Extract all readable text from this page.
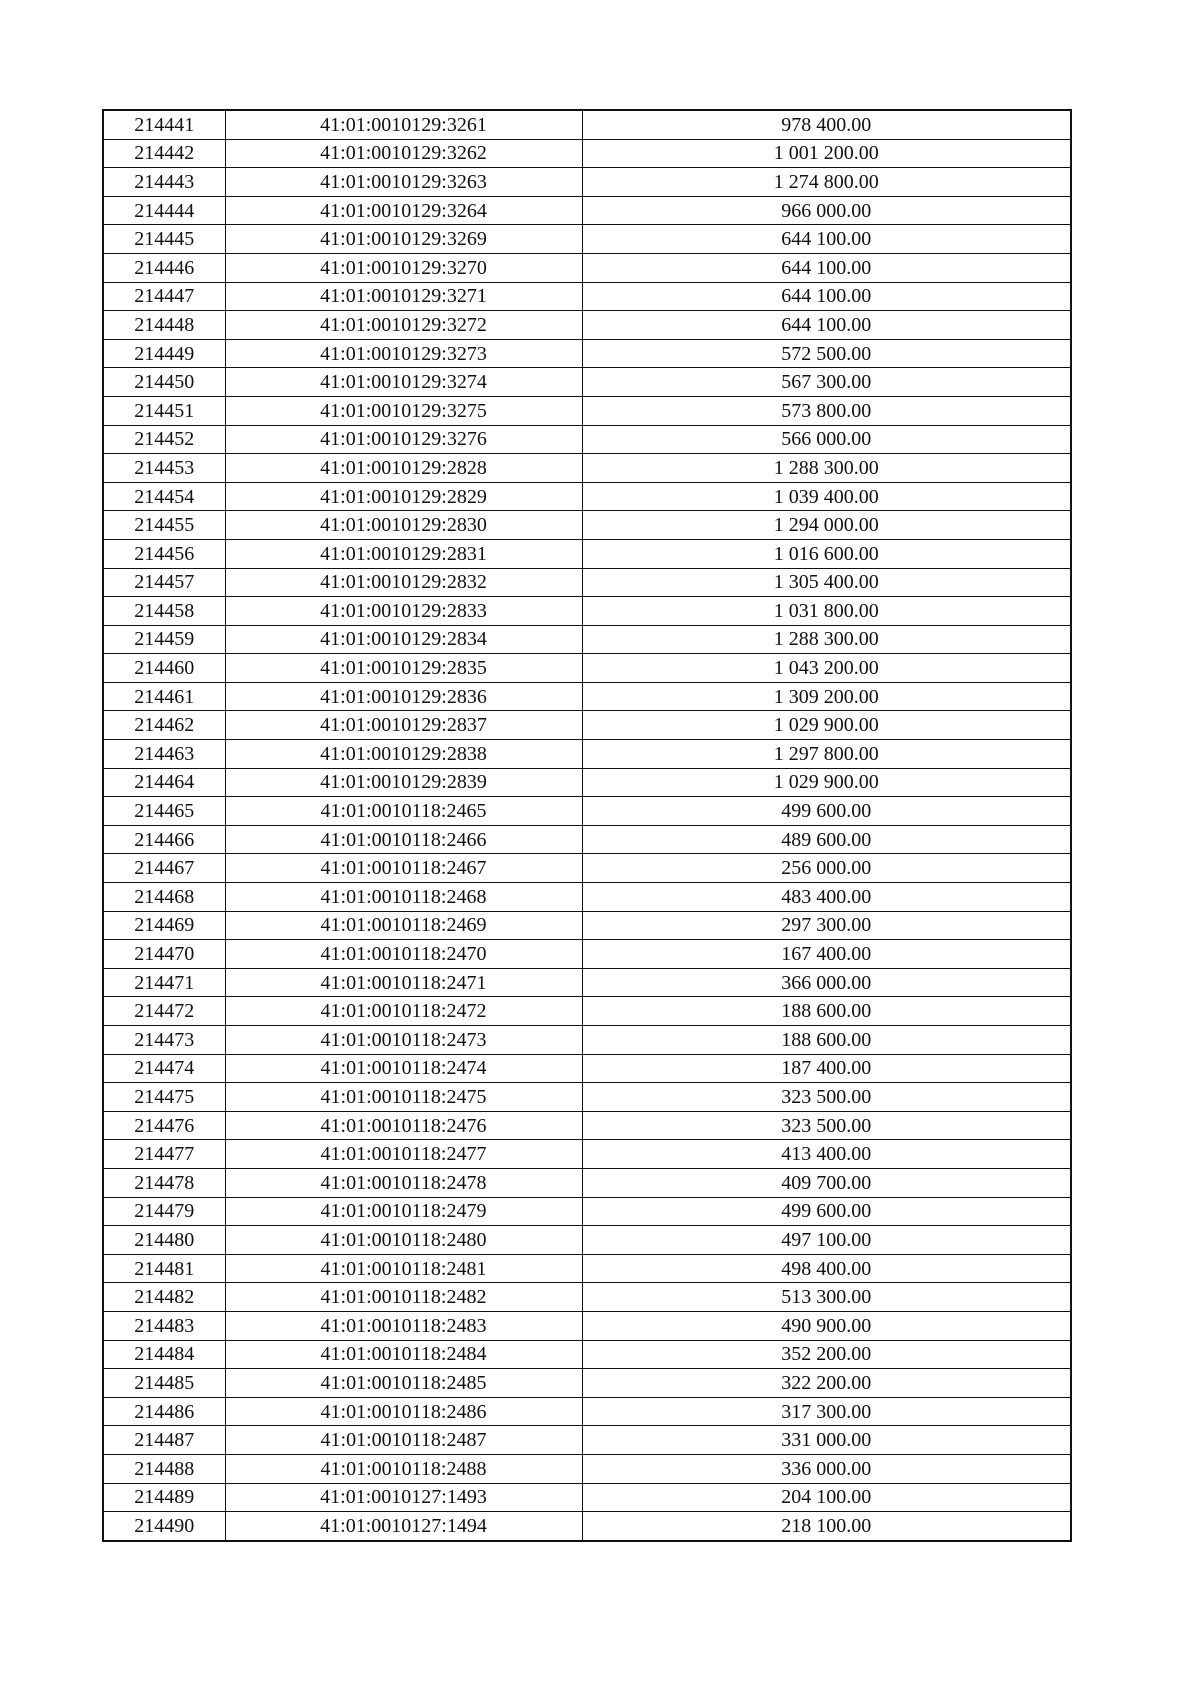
214441	41:01:0010129:3261	978 400.00
214442	41:01:0010129:3262	1 001 200.00
214443	41:01:0010129:3263	1 274 800.00
214444	41:01:0010129:3264	966 000.00
214445	41:01:0010129:3269	644 100.00
214446	41:01:0010129:3270	644 100.00
214447	41:01:0010129:3271	644 100.00
214448	41:01:0010129:3272	644 100.00
214449	41:01:0010129:3273	572 500.00
214450	41:01:0010129:3274	567 300.00
214451	41:01:0010129:3275	573 800.00
214452	41:01:0010129:3276	566 000.00
214453	41:01:0010129:2828	1 288 300.00
214454	41:01:0010129:2829	1 039 400.00
214455	41:01:0010129:2830	1 294 000.00
214456	41:01:0010129:2831	1 016 600.00
214457	41:01:0010129:2832	1 305 400.00
214458	41:01:0010129:2833	1 031 800.00
214459	41:01:0010129:2834	1 288 300.00
214460	41:01:0010129:2835	1 043 200.00
214461	41:01:0010129:2836	1 309 200.00
214462	41:01:0010129:2837	1 029 900.00
214463	41:01:0010129:2838	1 297 800.00
214464	41:01:0010129:2839	1 029 900.00
214465	41:01:0010118:2465	499 600.00
214466	41:01:0010118:2466	489 600.00
214467	41:01:0010118:2467	256 000.00
214468	41:01:0010118:2468	483 400.00
214469	41:01:0010118:2469	297 300.00
214470	41:01:0010118:2470	167 400.00
214471	41:01:0010118:2471	366 000.00
214472	41:01:0010118:2472	188 600.00
214473	41:01:0010118:2473	188 600.00
214474	41:01:0010118:2474	187 400.00
214475	41:01:0010118:2475	323 500.00
214476	41:01:0010118:2476	323 500.00
214477	41:01:0010118:2477	413 400.00
214478	41:01:0010118:2478	409 700.00
214479	41:01:0010118:2479	499 600.00
214480	41:01:0010118:2480	497 100.00
214481	41:01:0010118:2481	498 400.00
214482	41:01:0010118:2482	513 300.00
214483	41:01:0010118:2483	490 900.00
214484	41:01:0010118:2484	352 200.00
214485	41:01:0010118:2485	322 200.00
214486	41:01:0010118:2486	317 300.00
214487	41:01:0010118:2487	331 000.00
214488	41:01:0010118:2488	336 000.00
214489	41:01:0010127:1493	204 100.00
214490	41:01:0010127:1494	218 100.00
